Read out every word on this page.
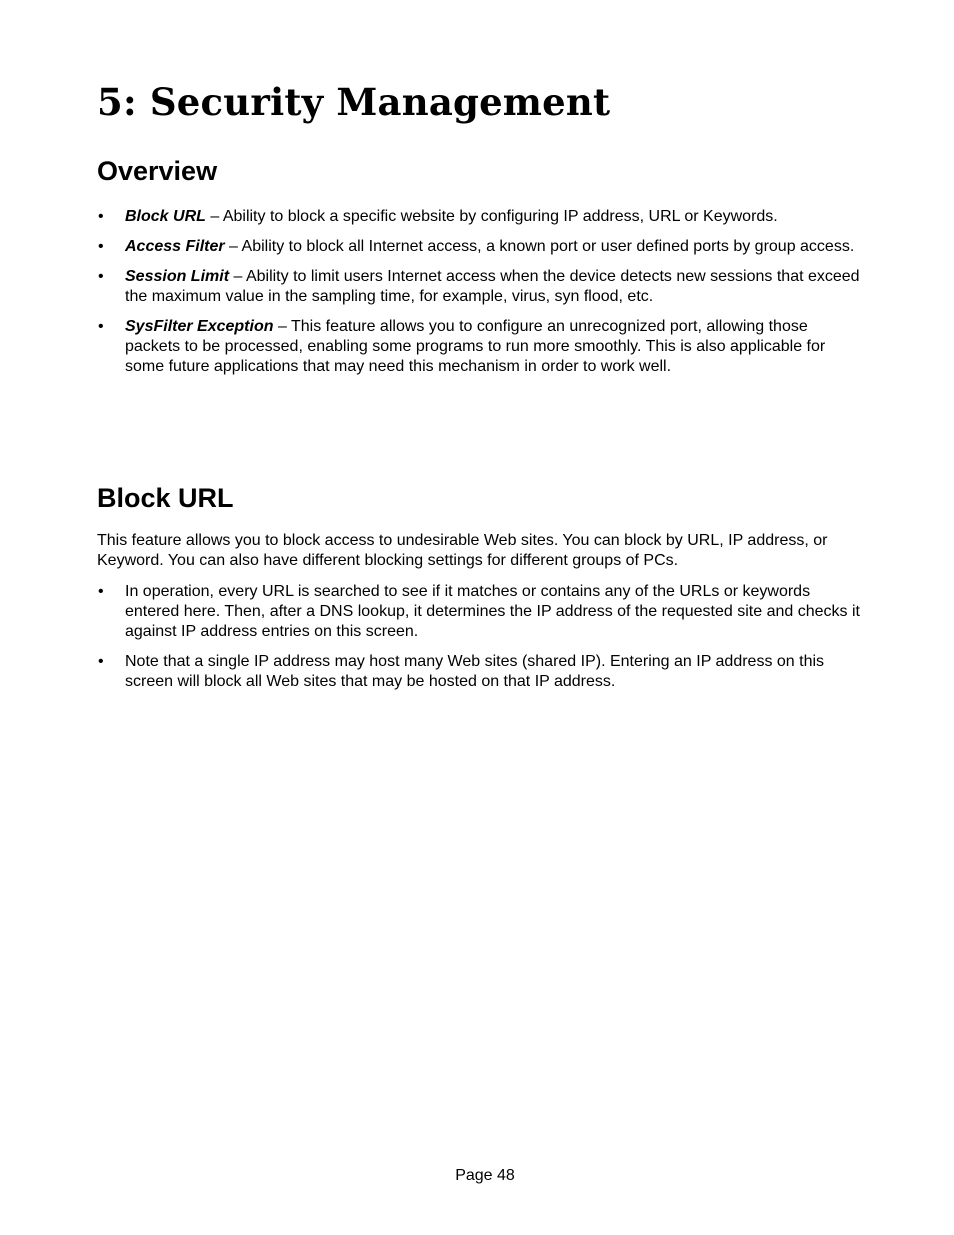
5: Security Management
Overview
•	Block URL – Ability to block a specific website by configuring IP address, URL or Keywords.
•	Access Filter – Ability to block all Internet access, a known port or user defined ports by group access.
•	Session Limit – Ability to limit users Internet access when the device detects new sessions that exceed the maximum value in the sampling time, for example, virus, syn flood, etc.
•	SysFilter Exception – This feature allows you to configure an unrecognized port, allowing those packets to be processed, enabling some programs to run more smoothly. This is also applicable for some future applications that may need this mechanism in order to work well.
Block URL

This feature allows you to block access to undesirable Web sites. You can block by URL, IP address, or Keyword. You can also have different blocking settings for different groups of PCs.

•	In operation, every URL is searched to see if it matches or contains any of the URLs or keywords entered here. Then, after a DNS lookup, it determines the IP address of the requested site and checks it against IP address entries on this screen.
•	Note that a single IP address may host many Web sites (shared IP). Entering an IP address on this screen will block all Web sites that may be hosted on that IP address.
Page 48
